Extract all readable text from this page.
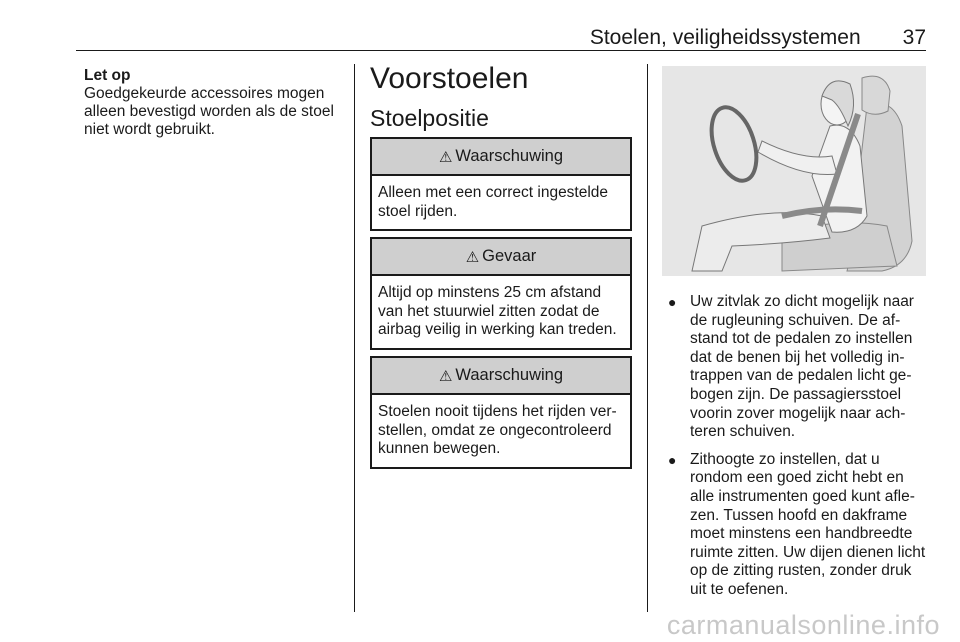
Stoelen, veiligheidssystemen 37
Let op
Goedgekeurde accessoires mogen alleen bevestigd worden als de stoel niet wordt gebruikt.
Voorstoelen
Stoelpositie
⚠ Waarschuwing
Alleen met een correct ingestelde stoel rijden.
⚠ Gevaar
Altijd op minstens 25 cm afstand van het stuurwiel zitten zodat de airbag veilig in werking kan treden.
⚠ Waarschuwing
Stoelen nooit tijdens het rijden verstellen, omdat ze ongecontroleerd kunnen bewegen.
● Uw zitvlak zo dicht mogelijk naar de rugleuning schuiven. De afstand tot de pedalen zo instellen dat de benen bij het volledig intrappen van de pedalen licht gebogen zijn. De passagiersstoel voorin zover mogelijk naar achteren schuiven.
● Zithoogte zo instellen, dat u rondom een goed zicht hebt en alle instrumenten goed kunt aflezen. Tussen hoofd en dakframe moet minstens een handbreedte ruimte zitten. Uw dijen dienen licht op de zitting rusten, zonder druk uit te oefenen.
carmanualsonline.info
